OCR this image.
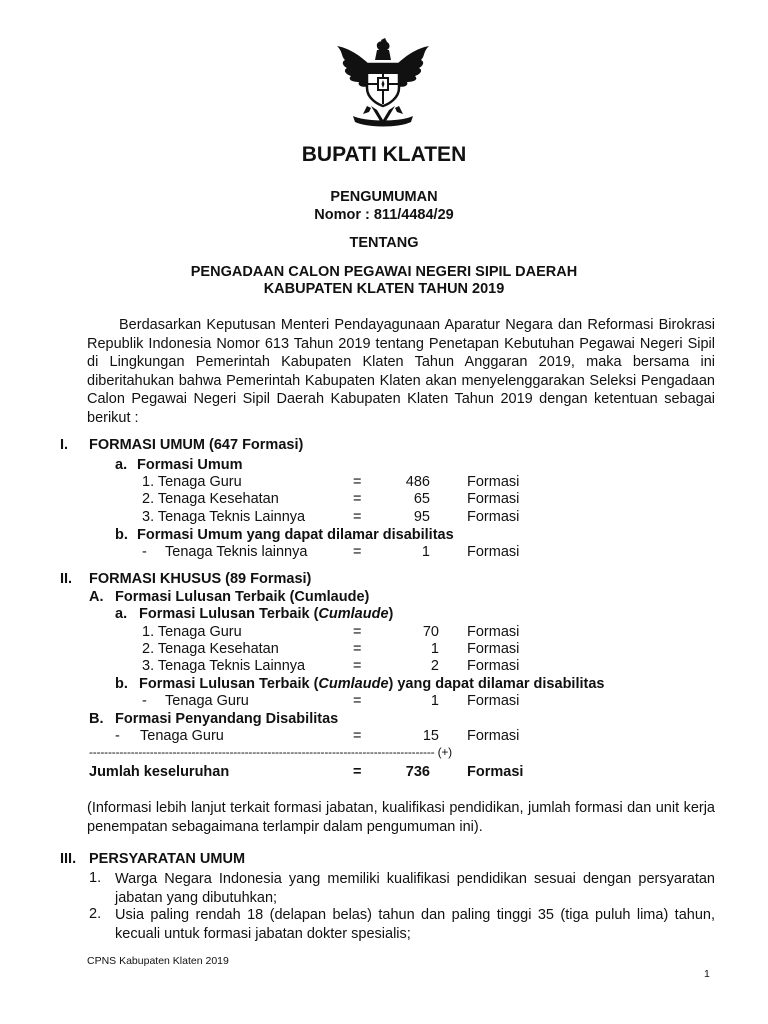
BUPATI KLATEN
PENGUMUMAN
Nomor : 811/4484/29
TENTANG
PENGADAAN CALON PEGAWAI NEGERI SIPIL DAERAH
KABUPATEN KLATEN TAHUN 2019
Berdasarkan Keputusan Menteri Pendayagunaan Aparatur Negara dan Reformasi Birokrasi Republik Indonesia Nomor 613 Tahun 2019 tentang Penetapan Kebutuhan Pegawai Negeri Sipil di Lingkungan Pemerintah Kabupaten Klaten Tahun Anggaran 2019, maka bersama ini diberitahukan bahwa Pemerintah Kabupaten Klaten akan menyelenggarakan Seleksi Pengadaan Calon Pegawai Negeri Sipil Daerah Kabupaten Klaten Tahun 2019 dengan ketentuan sebagai berikut :
I. FORMASI UMUM (647 Formasi)
a. Formasi Umum
1. Tenaga Guru	=	486	Formasi
2. Tenaga Kesehatan	=	65	Formasi
3. Tenaga Teknis Lainnya	=	95	Formasi
b. Formasi Umum yang dapat dilamar disabilitas
- Tenaga Teknis lainnya	=	1	Formasi
II. FORMASI KHUSUS (89 Formasi)
A. Formasi Lulusan Terbaik (Cumlaude)
a. Formasi Lulusan Terbaik (Cumlaude)
1. Tenaga Guru	=	70 Formasi
2. Tenaga Kesehatan	=	1 Formasi
3. Tenaga Teknis Lainnya	=	2 Formasi
b. Formasi Lulusan Terbaik (Cumlaude) yang dapat dilamar disabilitas
- Tenaga Guru	=	1 Formasi
B. Formasi Penyandang Disabilitas
- Tenaga Guru	=	15 Formasi
------------------------------------------------------------------------------------------- (+)
Jumlah keseluruhan	=	736	Formasi
(Informasi lebih lanjut terkait formasi jabatan, kualifikasi pendidikan, jumlah formasi dan unit kerja penempatan sebagaimana terlampir dalam pengumuman ini).
III. PERSYARATAN UMUM
1. Warga Negara Indonesia yang memiliki kualifikasi pendidikan sesuai dengan persyaratan jabatan yang dibutuhkan;
2. Usia paling rendah 18 (delapan belas) tahun dan paling tinggi 35 (tiga puluh lima) tahun, kecuali untuk formasi jabatan dokter spesialis;
CPNS Kabupaten Klaten 2019
1
